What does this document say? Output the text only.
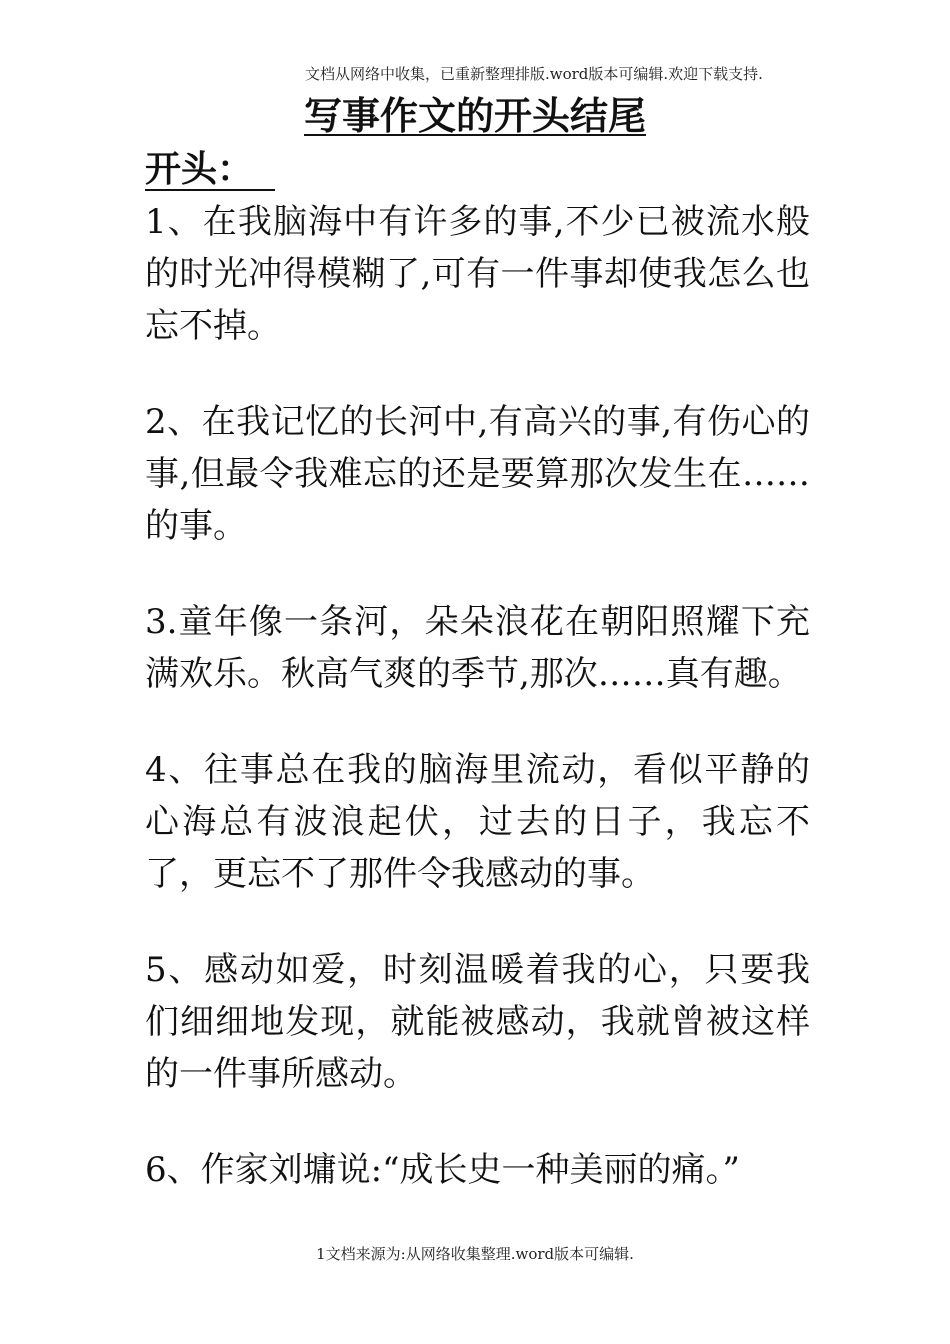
文档从网络中收集，已重新整理排版.word版本可编辑.欢迎下载支持.
写事作文的开头结尾
开头：

1、在我脑海中有许多的事,不少已被流水般的时光冲得模糊了,可有一件事却使我怎么也忘不掉。

2、在我记忆的长河中,有高兴的事,有伤心的事,但最令我难忘的还是要算那次发生在……的事。

3.童年像一条河，朵朵浪花在朝阳照耀下充满欢乐。秋高气爽的季节,那次……真有趣。

4、往事总在我的脑海里流动，看似平静的心海总有波浪起伏，过去的日子，我忘不了，更忘不了那件令我感动的事。

5、感动如爱，时刻温暖着我的心，只要我们细细地发现，就能被感动，我就曾被这样的一件事所感动。

6、作家刘墉说:“成长史一种美丽的痛。”

1文档来源为:从网络收集整理.word版本可编辑.
